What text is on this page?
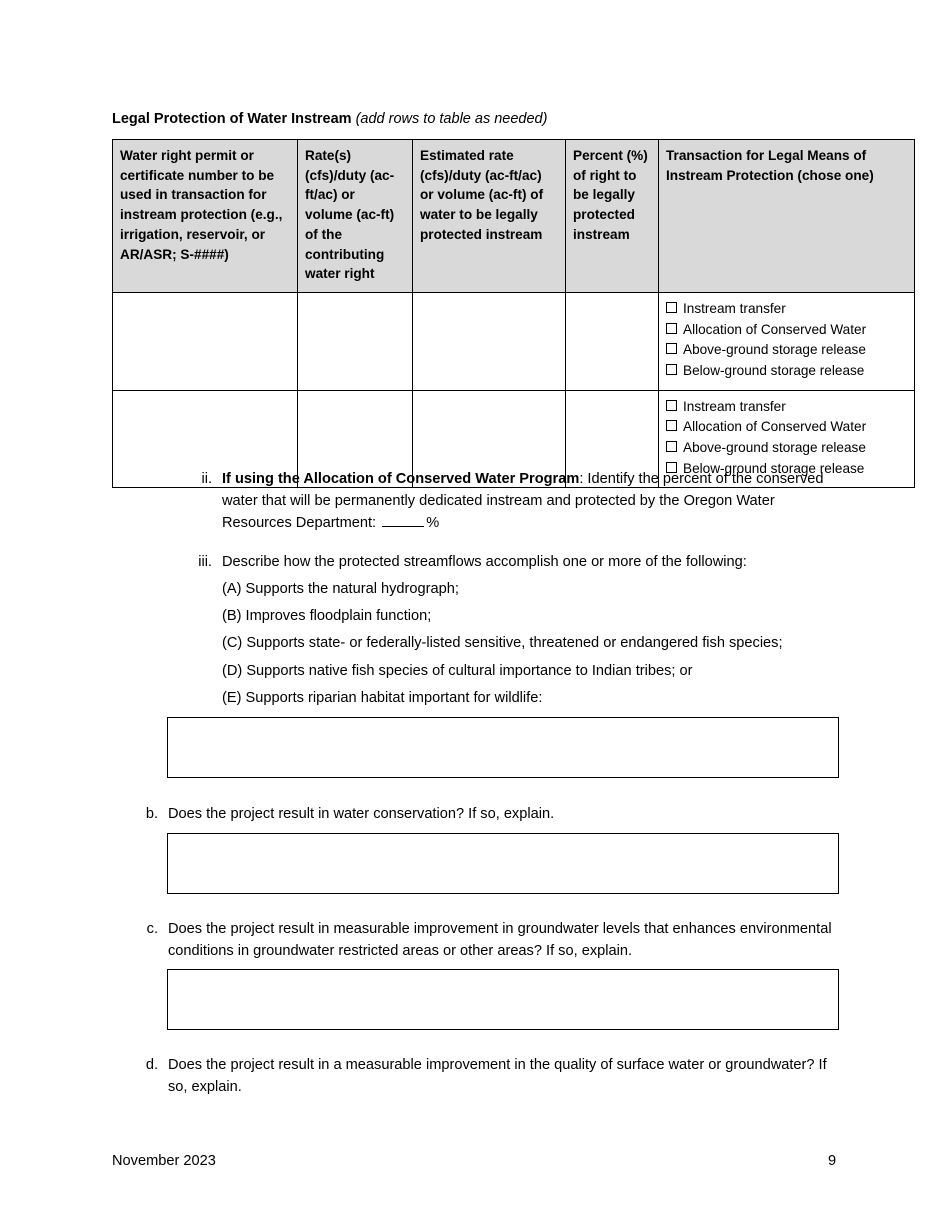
Legal Protection of Water Instream (add rows to table as needed)
Water right permit or certificate number to be used in transaction for instream protection (e.g., irrigation, reservoir, or AR/ASR; S-####)	Rate(s) (cfs)/duty (ac-ft/ac) or volume (ac-ft) of the contributing water right	Estimated rate (cfs)/duty (ac-ft/ac) or volume (ac-ft) of water to be legally protected instream	Percent (%) of right to be legally protected instream	Transaction for Legal Means of Instream Protection (chose one)

				Instream transfer
Allocation of Conserved Water
Above-ground storage release
Below-ground storage release

				Instream transfer
Allocation of Conserved Water
Above-ground storage release
Below-ground storage release
ii. If using the Allocation of Conserved Water Program: Identify the percent of the conserved water that will be permanently dedicated instream and protected by the Oregon Water Resources Department:	%
iii. Describe how the protected streamflows accomplish one or more of the following:
(A) Supports the natural hydrograph;
(B) Improves floodplain function;
(C) Supports state- or federally-listed sensitive, threatened or endangered fish species;
(D) Supports native fish species of cultural importance to Indian tribes; or
(E) Supports riparian habitat important for wildlife:
b. Does the project result in water conservation? If so, explain.
c. Does the project result in measurable improvement in groundwater levels that enhances environmental conditions in groundwater restricted areas or other areas? If so, explain.
d. Does the project result in a measurable improvement in the quality of surface water or groundwater? If so, explain.
November 2023	9
